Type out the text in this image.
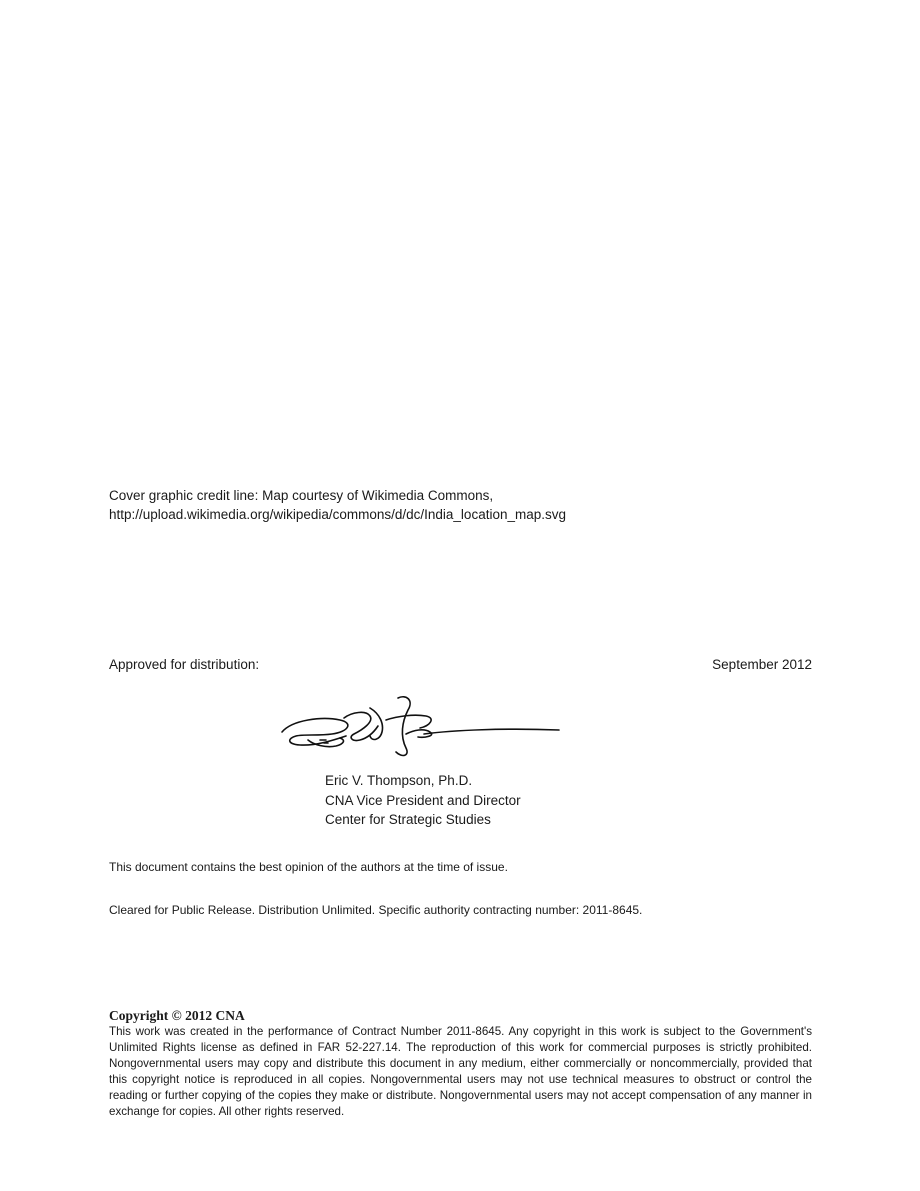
Cover graphic credit line: Map courtesy of Wikimedia Commons,
http://upload.wikimedia.org/wikipedia/commons/d/dc/India_location_map.svg
Approved for distribution:	September 2012
Eric V. Thompson, Ph.D.
CNA Vice President and Director
Center for Strategic Studies
This document contains the best opinion of the authors at the time of issue.
Cleared for Public Release. Distribution Unlimited. Specific authority contracting number: 2011-8645.
Copyright © 2012 CNA
This work was created in the performance of Contract Number 2011-8645. Any copyright in this work is subject to the Government's Unlimited Rights license as defined in FAR 52-227.14. The reproduction of this work for commercial purposes is strictly prohibited. Nongovernmental users may copy and distribute this document in any medium, either commercially or noncommercially, provided that this copyright notice is reproduced in all copies. Nongovernmental users may not use technical measures to obstruct or control the reading or further copying of the copies they make or distribute. Nongovernmental users may not accept compensation of any manner in exchange for copies. All other rights reserved.
